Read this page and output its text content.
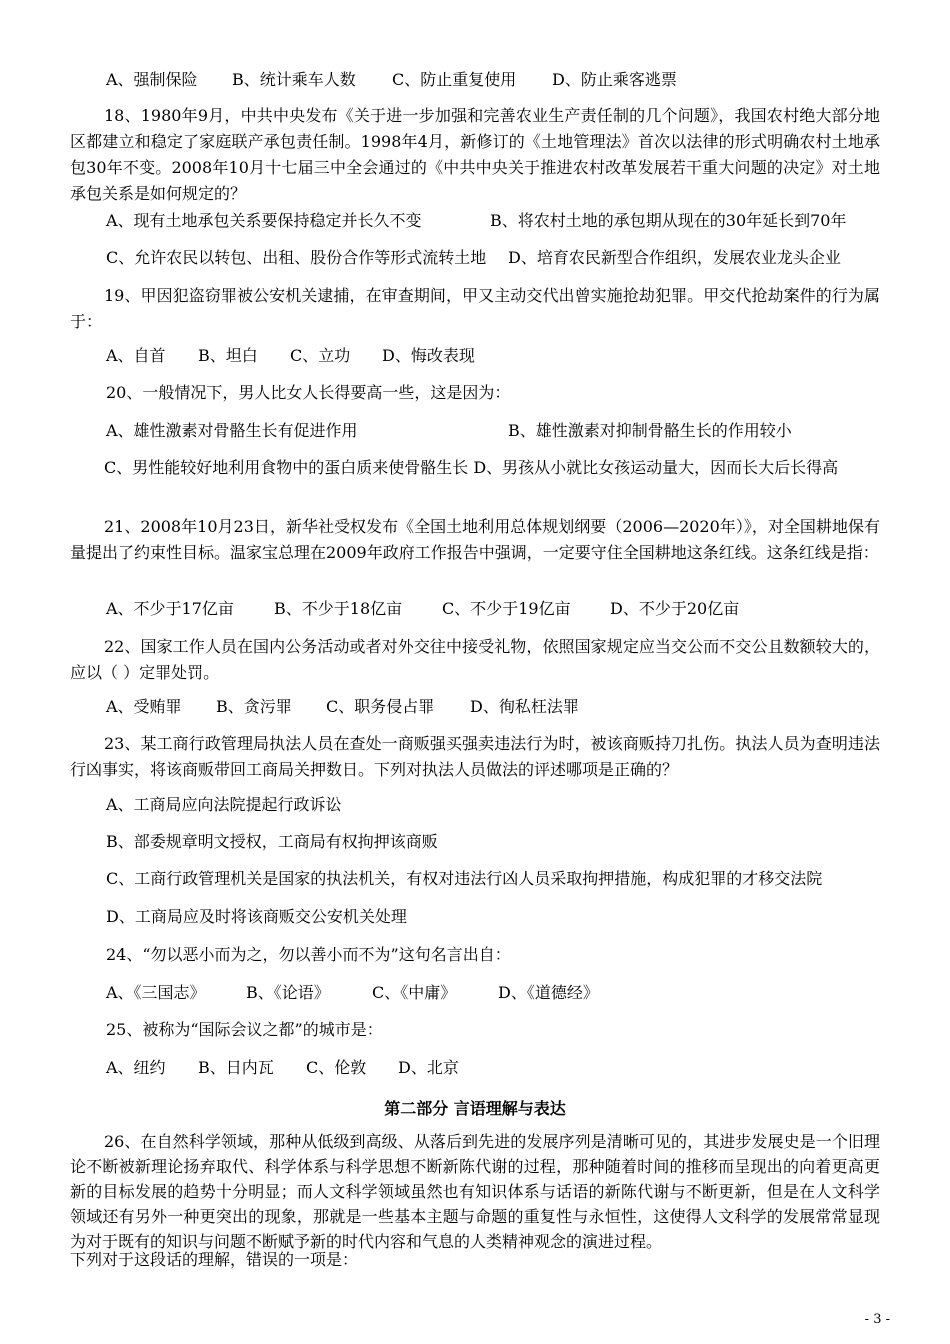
A、强制保险 B、统计乘车人数 C、防止重复使用 D、防止乘客逃票
18、1980年9月，中共中央发布《关于进一步加强和完善农业生产责任制的几个问题》，我国农村绝大部分地区都建立和稳定了家庭联产承包责任制。1998年4月，新修订的《土地管理法》首次以法律的形式明确农村土地承包30年不变。2008年10月十七届三中全会通过的《中共中央关于推进农村改革发展若干重大问题的决定》对土地承包关系是如何规定的？
A、现有土地承包关系要保持稳定并长久不变	B、将农村土地的承包期从现在的30年延长到70年
C、允许农民以转包、出租、股份合作等形式流转土地 D、培育农民新型合作组织，发展农业龙头企业
19、甲因犯盗窃罪被公安机关逮捕，在审查期间，甲又主动交代出曾实施抢劫犯罪。甲交代抢劫案件的行为属于：
A、自首 B、坦白 C、立功 D、悔改表现
20、一般情况下，男人比女人长得要高一些，这是因为：
A、雄性激素对骨骼生长有促进作用	B、雄性激素对抑制骨骼生长的作用较小
C、男性能较好地利用食物中的蛋白质来使骨骼生长 D、男孩从小就比女孩运动量大，因而长大后长得高
21、2008年10月23日，新华社受权发布《全国土地利用总体规划纲要（2006—2020年）》，对全国耕地保有量提出了约束性目标。温家宝总理在2009年政府工作报告中强调，一定要守住全国耕地这条红线。这条红线是指：
A、不少于17亿亩	B、不少于18亿亩 C、不少于19亿亩 D、不少于20亿亩
22、国家工作人员在国内公务活动或者对外交往中接受礼物，依照国家规定应当交公而不交公且数额较大的，应以（ ）定罪处罚。
A、受贿罪 B、贪污罪 C、职务侵占罪 D、徇私枉法罪
23、某工商行政管理局执法人员在查处一商贩强买强卖违法行为时，被该商贩持刀扎伤。执法人员为查明违法行凶事实，将该商贩带回工商局关押数日。下列对执法人员做法的评述哪项是正确的？
A、工商局应向法院提起行政诉讼
B、部委规章明文授权，工商局有权拘押该商贩
C、工商行政管理机关是国家的执法机关，有权对违法行凶人员采取拘押措施，构成犯罪的才移交法院
D、工商局应及时将该商贩交公安机关处理
24、“勿以恶小而为之，勿以善小而不为”这句名言出自：
A、《三国志》	B、《论语》	C、《中庸》	D、《道德经》
25、被称为“国际会议之都”的城市是：
A、纽约 B、日内瓦 C、伦敦 D、北京
第二部分 言语理解与表达
26、在自然科学领域，那种从低级到高级、从落后到先进的发展序列是清晰可见的，其进步发展史是一个旧理论不断被新理论扬弃取代、科学体系与科学思想不断新陈代谢的过程，那种随着时间的推移而呈现出的向着更高更新的目标发展的趋势十分明显；而人文科学领域虽然也有知识体系与话语的新陈代谢与不断更新，但是在人文科学领域还有另外一种更突出的现象，那就是一些基本主题与命题的重复性与永恒性，这使得人文科学的发展常常显现为对于既有的知识与问题不断赋予新的时代内容和气息的人类精神观念的演进过程。
下列对于这段话的理解，错误的一项是：
- 3 -
